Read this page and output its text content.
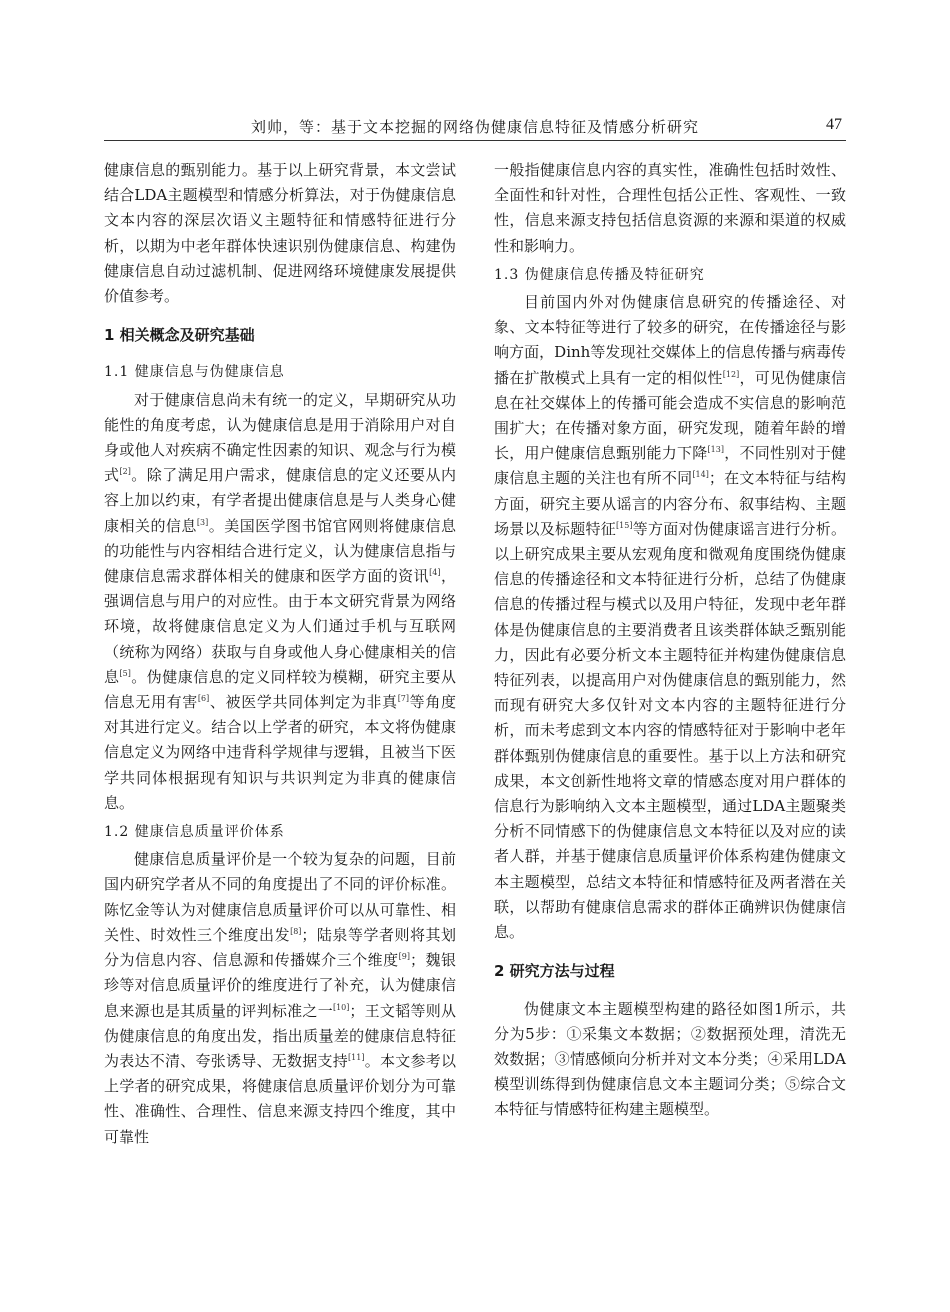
刘帅，等：基于文本挖掘的网络伪健康信息特征及情感分析研究	47

健康信息的甄别能力。基于以上研究背景，本文尝试结合LDA主题模型和情感分析算法，对于伪健康信息文本内容的深层次语义主题特征和情感特征进行分析，以期为中老年群体快速识别伪健康信息、构建伪健康信息自动过滤机制、促进网络环境健康发展提供价值参考。

1 相关概念及研究基础
1.1 健康信息与伪健康信息

对于健康信息尚未有统一的定义，早期研究从功能性的角度考虑，认为健康信息是用于消除用户对自身或他人对疾病不确定性因素的知识、观念与行为模式[2]。除了满足用户需求，健康信息的定义还要从内容上加以约束，有学者提出健康信息是与人类身心健康相关的信息[3]。美国医学图书馆官网则将健康信息的功能性与内容相结合进行定义，认为健康信息指与健康信息需求群体相关的健康和医学方面的资讯[4]，强调信息与用户的对应性。由于本文研究背景为网络环境，故将健康信息定义为人们通过手机与互联网（统称为网络）获取与自身或他人身心健康相关的信息[5]。伪健康信息的定义同样较为模糊，研究主要从信息无用有害[6]、被医学共同体判定为非真[7]等角度对其进行定义。结合以上学者的研究，本文将伪健康信息定义为网络中违背科学规律与逻辑，且被当下医学共同体根据现有知识与共识判定为非真的健康信息。

1.2 健康信息质量评价体系

健康信息质量评价是一个较为复杂的问题，目前国内研究学者从不同的角度提出了不同的评价标准。陈忆金等认为对健康信息质量评价可以从可靠性、相关性、时效性三个维度出发[8]；陆泉等学者则将其划分为信息内容、信息源和传播媒介三个维度[9]；魏银珍等对信息质量评价的维度进行了补充，认为健康信息来源也是其质量的评判标准之一[10]；王文韬等则从伪健康信息的角度出发，指出质量差的健康信息特征为表达不清、夸张诱导、无数据支持[11]。本文参考以上学者的研究成果，将健康信息质量评价划分为可靠性、准确性、合理性、信息来源支持四个维度，其中可靠性

一般指健康信息内容的真实性，准确性包括时效性、全面性和针对性，合理性包括公正性、客观性、一致性，信息来源支持包括信息资源的来源和渠道的权威性和影响力。

1.3 伪健康信息传播及特征研究

目前国内外对伪健康信息研究的传播途径、对象、文本特征等进行了较多的研究，在传播途径与影响方面，Dinh等发现社交媒体上的信息传播与病毒传播在扩散模式上具有一定的相似性[12]，可见伪健康信息在社交媒体上的传播可能会造成不实信息的影响范围扩大；在传播对象方面，研究发现，随着年龄的增长，用户健康信息甄别能力下降[13]，不同性别对于健康信息主题的关注也有所不同[14]；在文本特征与结构方面，研究主要从谣言的内容分布、叙事结构、主题场景以及标题特征[15]等方面对伪健康谣言进行分析。以上研究成果主要从宏观角度和微观角度围绕伪健康信息的传播途径和文本特征进行分析，总结了伪健康信息的传播过程与模式以及用户特征，发现中老年群体是伪健康信息的主要消费者且该类群体缺乏甄别能力，因此有必要分析文本主题特征并构建伪健康信息特征列表，以提高用户对伪健康信息的甄别能力，然而现有研究大多仅针对文本内容的主题特征进行分析，而未考虑到文本内容的情感特征对于影响中老年群体甄别伪健康信息的重要性。基于以上方法和研究成果，本文创新性地将文章的情感态度对用户群体的信息行为影响纳入文本主题模型，通过LDA主题聚类分析不同情感下的伪健康信息文本特征以及对应的读者人群，并基于健康信息质量评价体系构建伪健康文本主题模型，总结文本特征和情感特征及两者潜在关联，以帮助有健康信息需求的群体正确辨识伪健康信息。

2 研究方法与过程

伪健康文本主题模型构建的路径如图1所示，共分为5步：①采集文本数据；②数据预处理，清洗无效数据；③情感倾向分析并对文本分类；④采用LDA模型训练得到伪健康信息文本主题词分类；⑤综合文本特征与情感特征构建主题模型。
